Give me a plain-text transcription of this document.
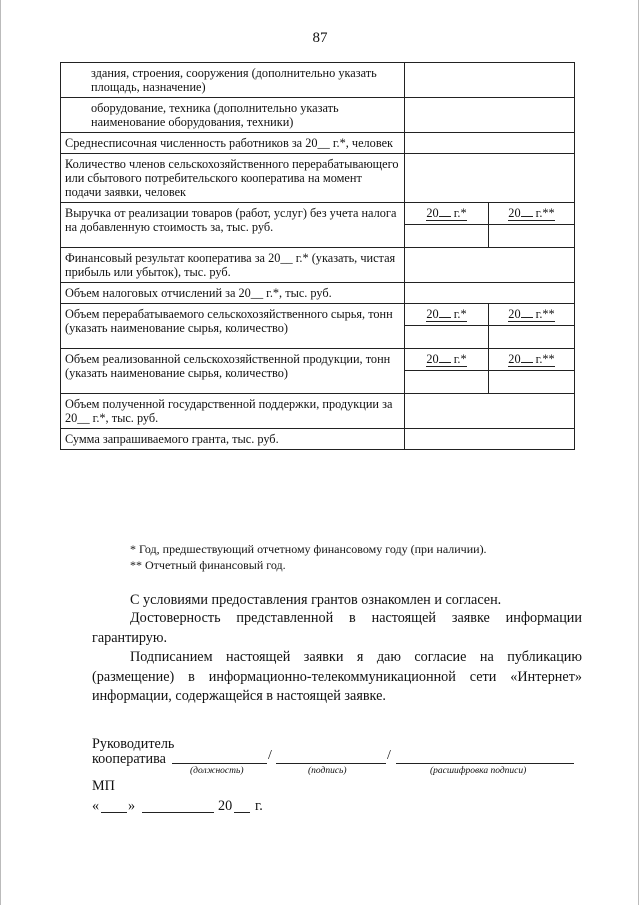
87
здания, строения, сооружения (дополнительно указать площадь, назначение)		
оборудование, техника (дополнительно указать наименование оборудования, техники)		
Среднесписочная численность работников за 20__ г.*, человек		
Количество членов сельскохозяйственного перерабатывающего или сбытового потребительского кооператива на момент подачи заявки, человек		
Выручка от реализации товаров (работ, услуг) без учета налога на добавленную стоимость за, тыс. руб.	20 г.*	20 г.**

Финансовый результат кооператива за 20__ г.* (указать, чистая прибыль или убыток), тыс. руб.		
Объем налоговых отчислений за 20__ г.*, тыс. руб.		
Объем перерабатываемого сельскохозяйственного сырья, тонн (указать наименование сырья, количество)	20 г.*	20 г.**

Объем реализованной сельскохозяйственной продукции, тонн (указать наименование сырья, количество)	20 г.*	20 г.**

Объем полученной государственной поддержки, продукции за 20__ г.*, тыс. руб.		
Сумма запрашиваемого гранта, тыс. руб.		
* Год, предшествующий отчетному финансовому году (при наличии).
** Отчетный финансовый год.
С условиями предоставления грантов ознакомлен и согласен.
Достоверность представленной в настоящей заявке информации гарантирую.
Подписанием настоящей заявки я даю согласие на публикацию (размещение) в информационно-телекоммуникационной сети «Интернет» информации, содержащейся в настоящей заявке.
Руководитель
кооператива	/	/
(должность)	(подпись)	(расшифровка подписи)
МП
« »	20 г.
